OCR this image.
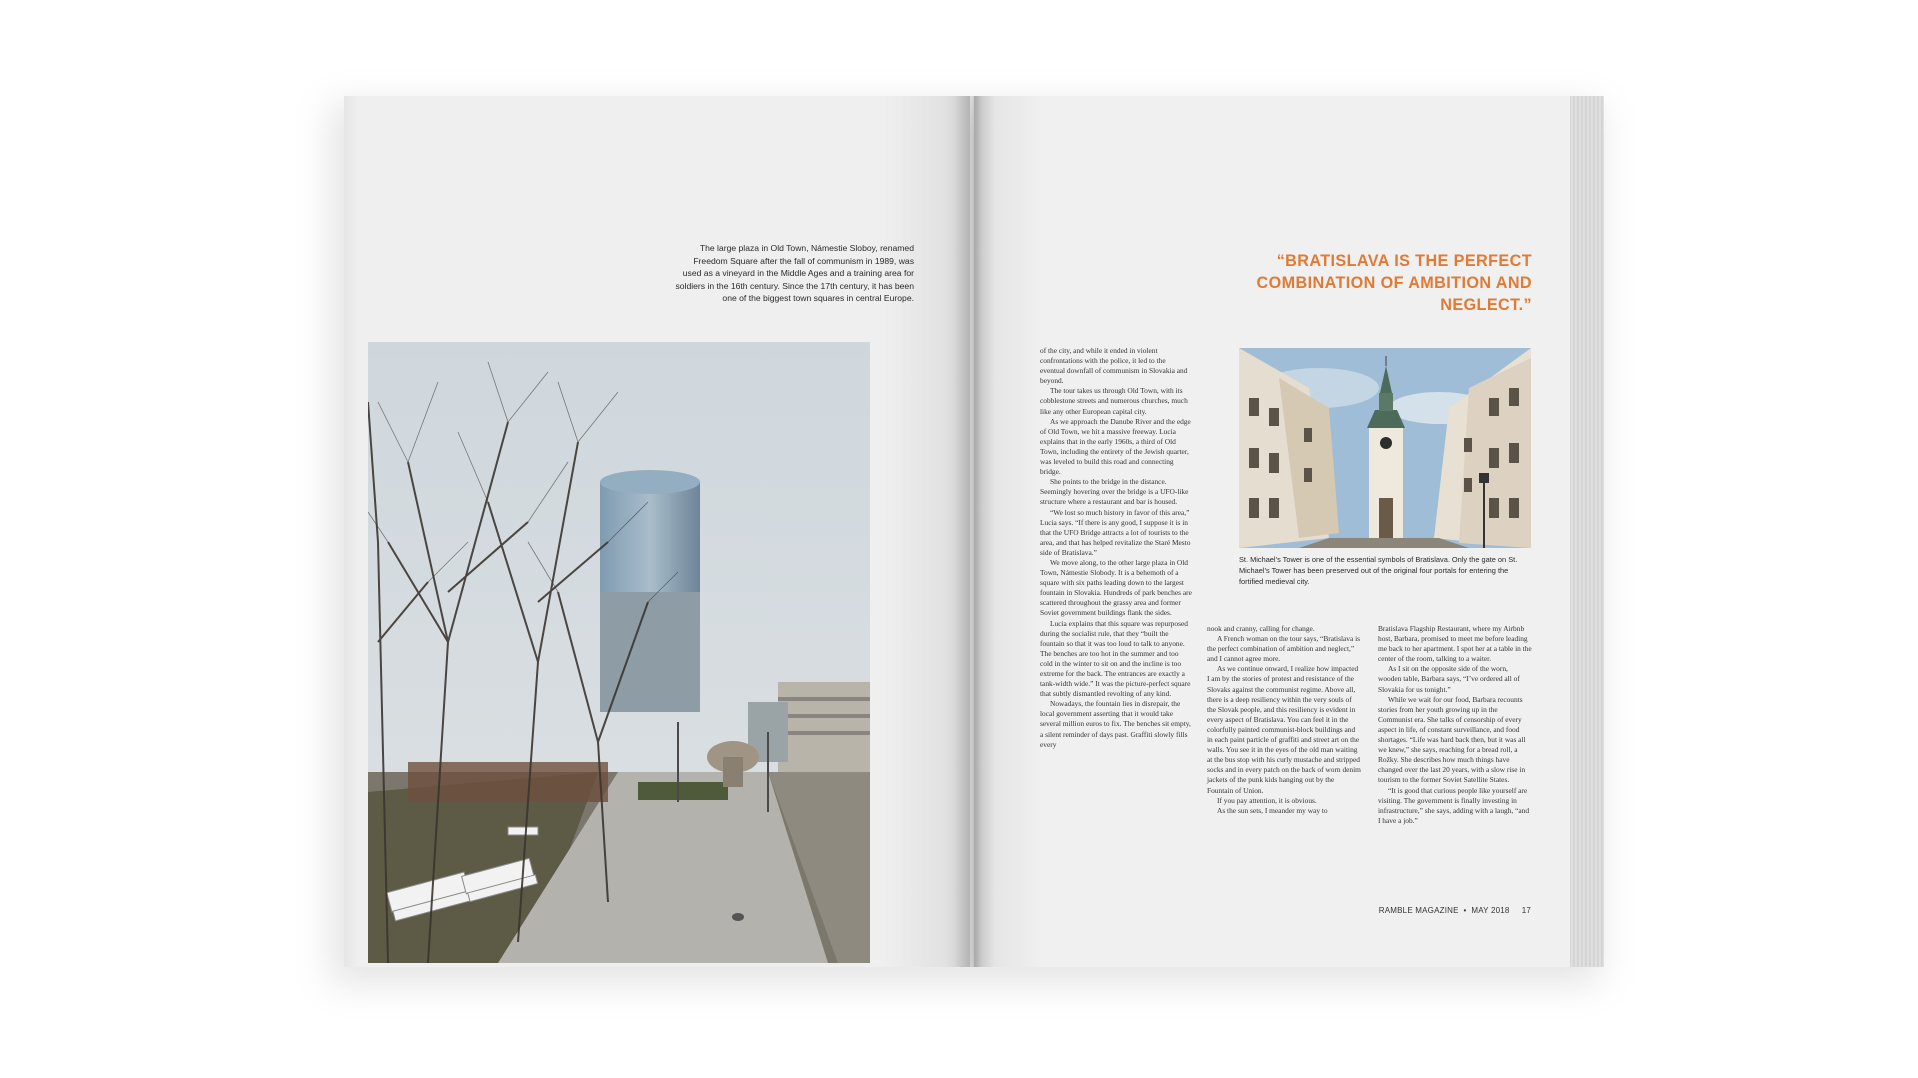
The large plaza in Old Town, Námestie Sloboy, renamed Freedom Square after the fall of communism in 1989, was used as a vineyard in the Middle Ages and a training area for soldiers in the 16th century. Since the 17th century, it has been one of the biggest town squares in central Europe.
“BRATISLAVA IS THE PERFECT COMBINATION OF AMBITION AND NEGLECT.”
St. Michael’s Tower is one of the essential symbols of Bratislava. Only the gate on St. Michael’s Tower has been preserved out of the original four portals for entering the fortified medieval city.

of the city, and while it ended in violent confrontations with the police, it led to the eventual downfall of communism in Slovakia and beyond.

The tour takes us through Old Town, with its cobblestone streets and numerous churches, much like any other European capital city.

As we approach the Danube River and the edge of Old Town, we hit a massive freeway. Lucia explains that in the early 1960s, a third of Old Town, including the entirety of the Jewish quarter, was leveled to build this road and connecting bridge.

She points to the bridge in the distance. Seemingly hovering over the bridge is a UFO-like structure where a restaurant and bar is housed.

“We lost so much history in favor of this area,” Lucia says. “If there is any good, I suppose it is in that the UFO Bridge attracts a lot of tourists to the area, and that has helped revitalize the Staré Mesto side of Bratislava.”

We move along, to the other large plaza in Old Town, Námestie Slobody. It is a behemoth of a square with six paths leading down to the largest fountain in Slovakia. Hundreds of park benches are scattered throughout the grassy area and former Soviet government buildings flank the sides.

Lucia explains that this square was repurposed during the socialist rule, that they “built the fountain so that it was too loud to talk to anyone. The benches are too hot in the summer and too cold in the winter to sit on and the incline is too extreme for the back. The entrances are exactly a tank-width wide.” It was the picture-perfect square that subtly dismantled revolting of any kind.

Nowadays, the fountain lies in disrepair, the local government asserting that it would take several million euros to fix. The benches sit empty, a silent reminder of days past. Graffiti slowly fills every

nook and cranny, calling for change.

A French woman on the tour says, “Bratislava is the perfect combination of ambition and neglect,” and I cannot agree more.

As we continue onward, I realize how impacted I am by the stories of protest and resistance of the Slovaks against the communist regime. Above all, there is a deep resiliency within the very souls of the Slovak people, and this resiliency is evident in every aspect of Bratislava. You can feel it in the colorfully painted communist-block buildings and in each paint particle of graffiti and street art on the walls. You see it in the eyes of the old man waiting at the bus stop with his curly mustache and stripped socks and in every patch on the back of worn denim jackets of the punk kids hanging out by the Fountain of Union.

If you pay attention, it is obvious.

As the sun sets, I meander my way to

Bratislava Flagship Restaurant, where my Airbnb host, Barbara, promised to meet me before leading me back to her apartment. I spot her at a table in the center of the room, talking to a waiter.

As I sit on the opposite side of the worn, wooden table, Barbara says, “I’ve ordered all of Slovakia for us tonight.”

While we wait for our food, Barbara recounts stories from her youth growing up in the Communist era. She talks of censorship of every aspect in life, of constant surveillance, and food shortages. “Life was hard back then, but it was all we knew,” she says, reaching for a bread roll, a Rožky. She describes how much things have changed over the last 20 years, with a slow rise in tourism to the former Soviet Satellite States.

“It is good that curious people like yourself are visiting. The government is finally investing in infrastructure,” she says, adding with a laugh, “and I have a job.”

RAMBLE MAGAZINE  •  MAY 2018     17
